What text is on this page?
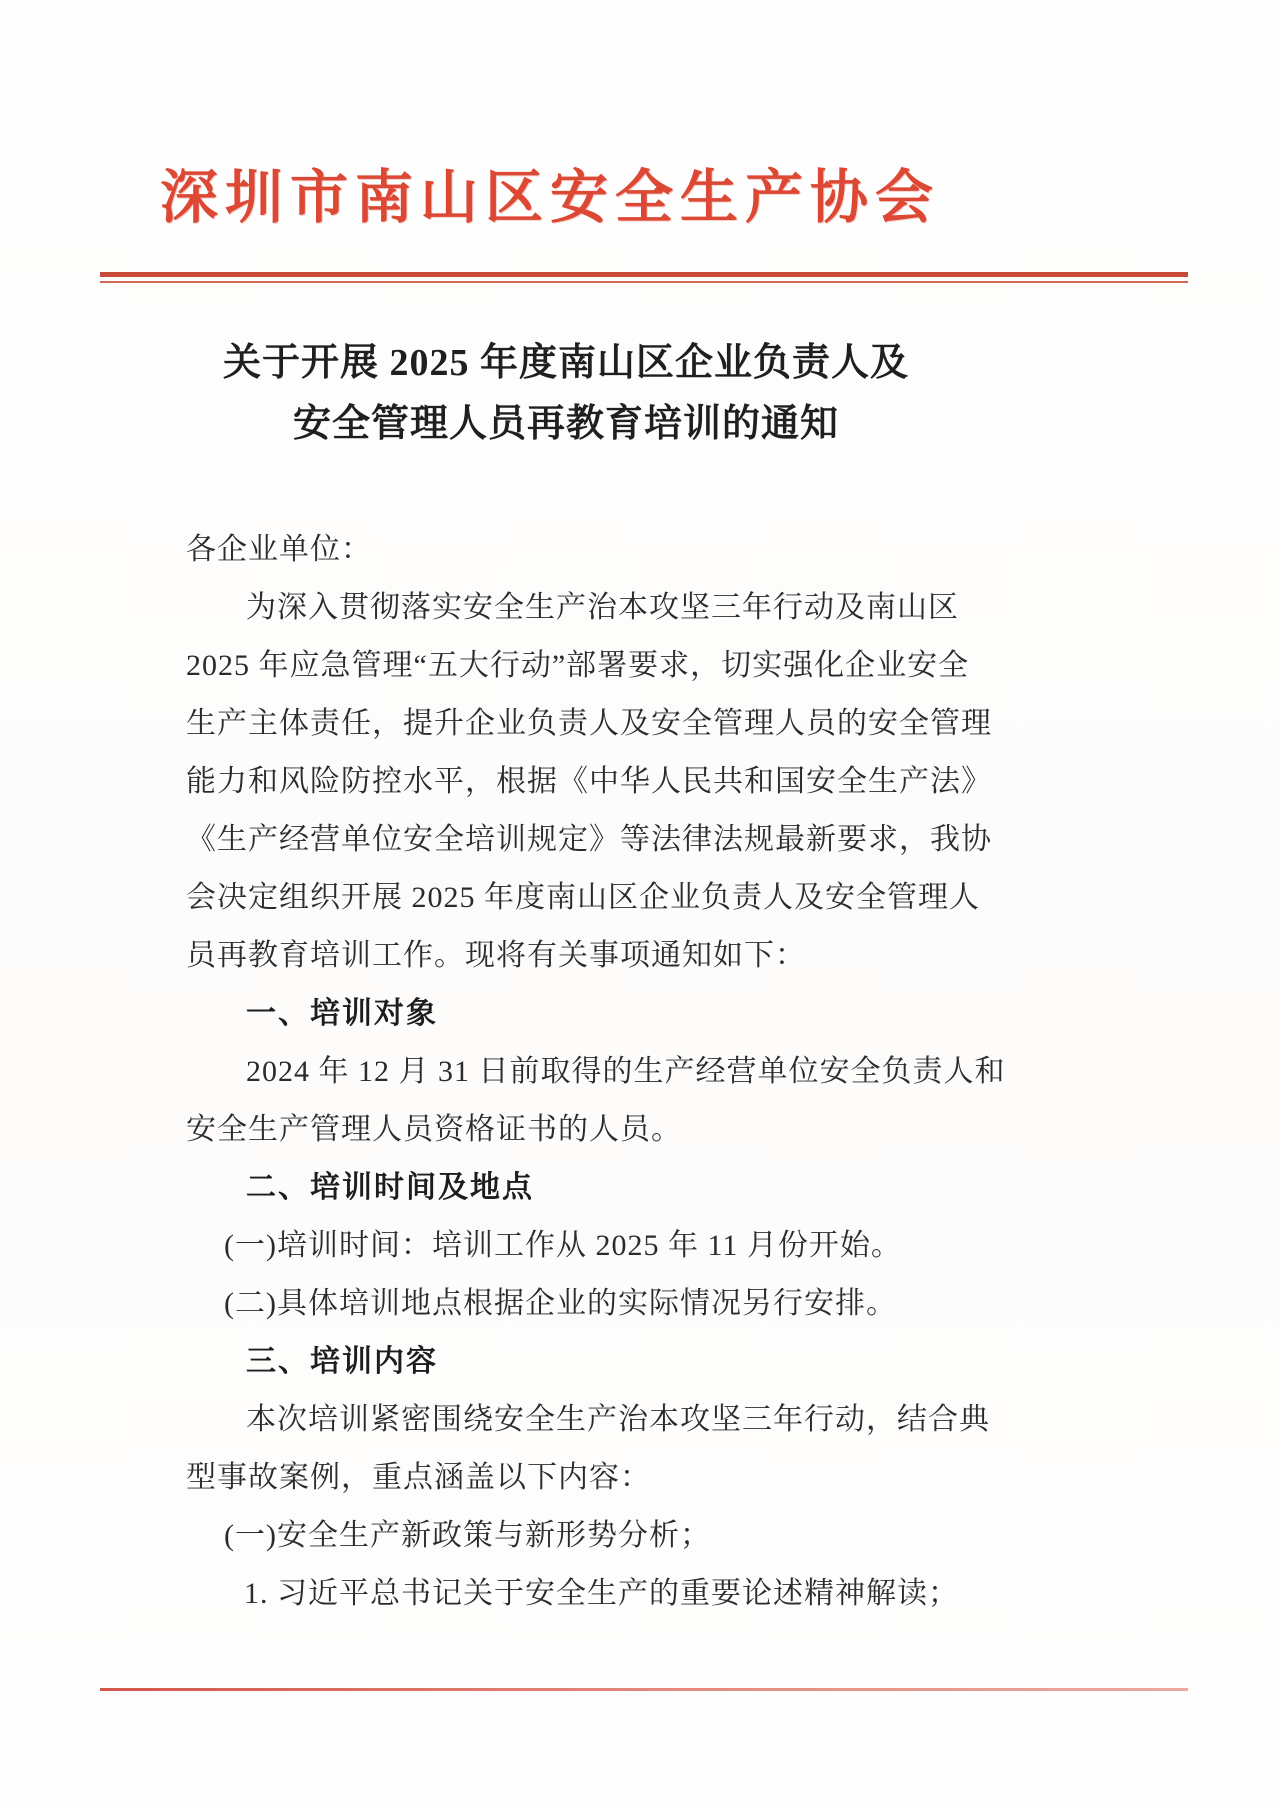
深圳市南山区安全生产协会
关于开展 2025 年度南山区企业负责人及
安全管理人员再教育培训的通知
各企业单位：
为深入贯彻落实安全生产治本攻坚三年行动及南山区
2025 年应急管理“五大行动”部署要求，切实强化企业安全
生产主体责任，提升企业负责人及安全管理人员的安全管理
能力和风险防控水平，根据《中华人民共和国安全生产法》
《生产经营单位安全培训规定》等法律法规最新要求，我协
会决定组织开展 2025 年度南山区企业负责人及安全管理人
员再教育培训工作。现将有关事项通知如下：
一、培训对象
2024 年 12 月 31 日前取得的生产经营单位安全负责人和
安全生产管理人员资格证书的人员。
二、培训时间及地点
(一)培训时间：培训工作从 2025 年 11 月份开始。
(二)具体培训地点根据企业的实际情况另行安排。
三、培训内容
本次培训紧密围绕安全生产治本攻坚三年行动，结合典
型事故案例，重点涵盖以下内容：
(一)安全生产新政策与新形势分析；
1. 习近平总书记关于安全生产的重要论述精神解读；
